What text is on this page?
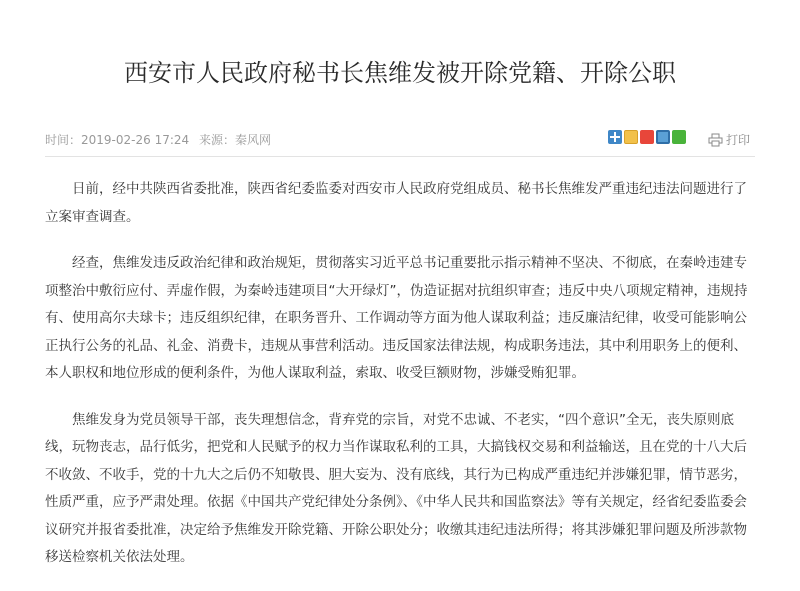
西安市人民政府秘书长焦维发被开除党籍、开除公职
时间：2019-02-26 17:24 来源：秦风网	打印

日前，经中共陕西省委批准，陕西省纪委监委对西安市人民政府党组成员、秘书长焦维发严重违纪违法问题进行了立案审查调查。

经查，焦维发违反政治纪律和政治规矩，贯彻落实习近平总书记重要批示指示精神不坚决、不彻底，在秦岭违建专项整治中敷衍应付、弄虚作假，为秦岭违建项目“大开绿灯”，伪造证据对抗组织审查；违反中央八项规定精神，违规持有、使用高尔夫球卡；违反组织纪律，在职务晋升、工作调动等方面为他人谋取利益；违反廉洁纪律，收受可能影响公正执行公务的礼品、礼金、消费卡，违规从事营利活动。违反国家法律法规，构成职务违法，其中利用职务上的便利、本人职权和地位形成的便利条件，为他人谋取利益，索取、收受巨额财物，涉嫌受贿犯罪。

焦维发身为党员领导干部，丧失理想信念，背弃党的宗旨，对党不忠诚、不老实，“四个意识”全无，丧失原则底线，玩物丧志，品行低劣，把党和人民赋予的权力当作谋取私利的工具，大搞钱权交易和利益输送，且在党的十八大后不收敛、不收手，党的十九大之后仍不知敬畏、胆大妄为、没有底线，其行为已构成严重违纪并涉嫌犯罪，情节恶劣，性质严重，应予严肃处理。依据《中国共产党纪律处分条例》、《中华人民共和国监察法》等有关规定，经省纪委监委会议研究并报省委批准，决定给予焦维发开除党籍、开除公职处分；收缴其违纪违法所得；将其涉嫌犯罪问题及所涉款物移送检察机关依法处理。
